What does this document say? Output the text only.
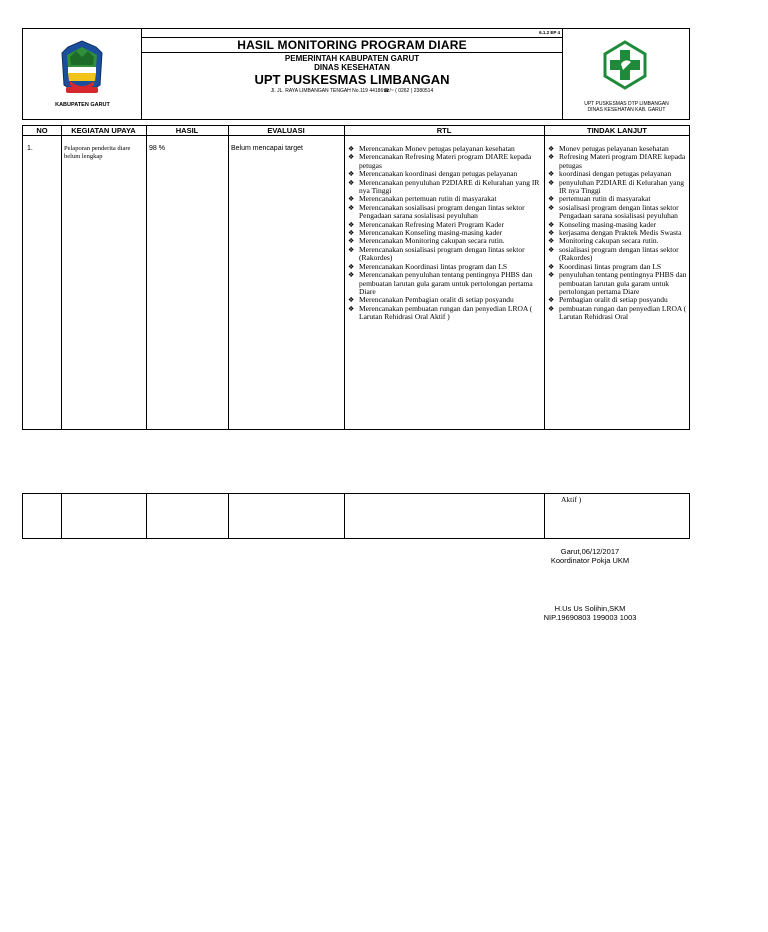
KABUPATEN GARUT
6.1.2 EP 4
HASIL MONITORING PROGRAM DIARE
PEMERINTAH KABUPATEN GARUT
DINAS KESEHATAN
UPT PUSKESMAS LIMBANGAN
Jl. JL. RAYA LIMBANGAN TENGAH No.119 44186☎/~ ( 0262 ) 2380514
UPT PUSKESMAS DTP LIMBANGAN
DINAS KESEHATAN KAB. GARUT
NO	KEGIATAN UPAYA	HASIL	EVALUASI	RTL	TINDAK LANJUT
1.	Pelaporan penderita diare belum lengkap
98 %	Belum mencapai target
❖	Merencanakan Monev petugas pelayanan kesehatan
❖ Merencanakan Refresing Materi program DIARE kepada petugas
❖ Merencanakan koordinasi dengan petugas pelayanan
❖ Merencanakan penyuluhan P2DIARE di Kelurahan yang IR nya Tinggi
❖ Merencanakan pertemuan rutin di masyarakat
❖ Merencanakan sosialisasi program dengan lintas sektor Pengadaan sarana sosialisasi peyuluhan
❖ Merencanakan Refresing Materi Program Kader
❖ Merencanakan Konseling masing-masing kader
❖ Merencanakan Monitoring cakupan secara rutin.
❖ Merencanakan sosialisasi program dengan lintas sektor (Rakordes)
❖ Merencanakan Koordinasi lintas program dan LS
❖ Merencanakan penyuluhan tentang pentingnya PHBS dan pembuatan larutan gula garam untuk pertolongan pertama Diare
❖ Merencanakan Pembagian oralit di setiap posyandu
❖ Merencanakan pembuatan rungan dan penyedian LROA ( Larutan Rehidrasi Oral Aktif )
❖ Monev petugas pelayanan kesehatan
❖ Refresing Materi program DIARE kepada petugas
❖ koordinasi dengan petugas pelayanan
❖ penyuluhan P2DIARE di Kelurahan yang IR nya Tinggi
❖ pertemuan rutin di masyarakat
❖ sosialisasi program dengan lintas sektor Pengadaan sarana sosialisasi peyuluhan
❖ Konseling masing-masing kader
❖ kerjasama dengan Praktek Medis Swasta
❖ Monitoring cakupan secara rutin.
❖ sosialisasi program dengan lintas sektor (Rakordes)
❖ Koordinasi lintas program dan LS
❖ penyuluhan tentang pentingnya PHBS dan pembuatan larutan gula garam untuk pertolongan pertama Diare
❖ Pembagian oralit di setiap posyandu
❖ pembuatan rungan dan penyedian LROA ( Larutan Rehidrasi Oral
Aktif )
Garut,06/12/2017
Koordinator Pokja UKM
H.Us Us Solihin,SKM
NIP.19690803 199003 1003
